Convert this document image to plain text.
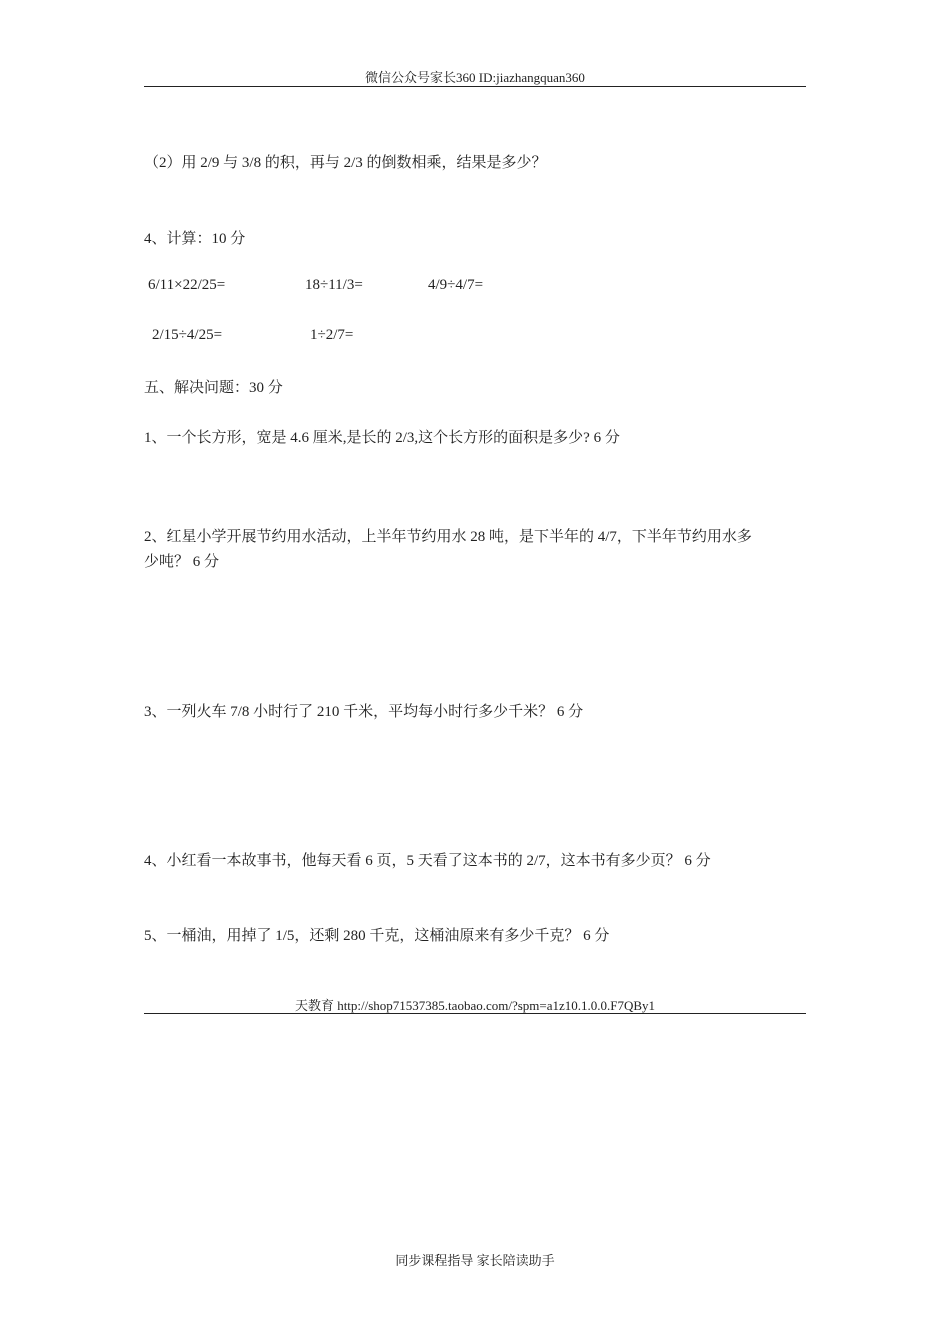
微信公众号家长360 ID:jiazhangquan360
（2）用 2/9 与 3/8 的积，再与 2/3 的倒数相乘，结果是多少？
4、计算：10 分
6/11×22/25=	18÷11/3=	4/9÷4/7=
2/15÷4/25=	1÷2/7=
五、解决问题：30 分
1、一个长方形，宽是 4.6 厘米,是长的 2/3,这个长方形的面积是多少? 6 分
2、红星小学开展节约用水活动，上半年节约用水 28 吨，是下半年的 4/7，下半年节约用水多
少吨？ 6 分
3、一列火车 7/8 小时行了 210 千米，平均每小时行多少千米？ 6 分
4、小红看一本故事书，他每天看 6 页，5 天看了这本书的 2/7，这本书有多少页？ 6 分
5、一桶油，用掉了 1/5，还剩 280 千克，这桶油原来有多少千克？ 6 分
天教育 http://shop71537385.taobao.com/?spm=a1z10.1.0.0.F7QBy1
同步课程指导 家长陪读助手
